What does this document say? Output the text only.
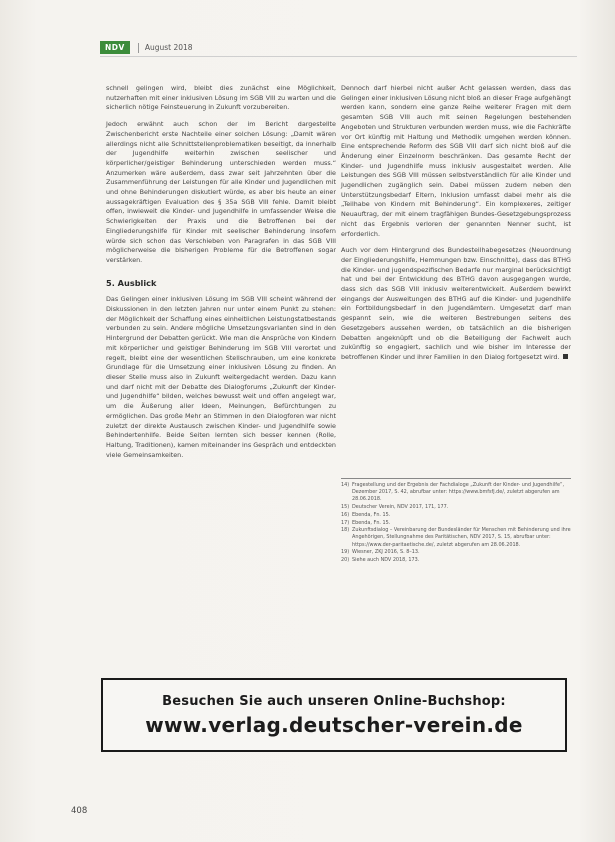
NDV	August 2018

schnell gelingen wird, bleibt dies zunächst eine Möglichkeit, nutzerhaften mit einer inklusiven Lösung im SGB VIII zu warten und die sicherlich nötige Feinsteuerung in Zukunft vorzubereiten.

Jedoch erwähnt auch schon der im Bericht dargestellte Zwischenbericht erste Nachteile einer solchen Lösung: „Damit wären allerdings nicht alle Schnittstellenproblematiken beseitigt, da innerhalb der Jugendhilfe weiterhin zwischen seelischer und körperlicher/geistiger Behinderung unterschieden werden muss.“ Anzumerken wäre außerdem, dass zwar seit Jahrzehnten über die Zusammenführung der Leistungen für alle Kinder und Jugendlichen mit und ohne Behinderungen diskutiert würde, es aber bis heute an einer aussagekräftigen Evaluation des § 35a SGB VIII fehle. Damit bleibt offen, inwieweit die Kinder- und Jugendhilfe in umfassender Weise die Schwierigkeiten der Praxis und die Betroffenen bei der Eingliederungshilfe für Kinder mit seelischer Behinderung insofern würde sich schon das Verschieben von Paragrafen in das SGB VIII möglicherweise die bisherigen Probleme für die Betroffenen sogar verstärken.

5. Ausblick

Das Gelingen einer inklusiven Lösung im SGB VIII scheint während der Diskussionen in den letzten Jahren nur unter einem Punkt zu stehen: der Möglichkeit der Schaffung eines einheitlichen Leistungstatbestands verbunden zu sein. Andere mögliche Umsetzungsvarianten sind in den Hintergrund der Debatten gerückt. Wie man die Ansprüche von Kindern mit körperlicher und geistiger Behinderung im SGB VIII verortet und regelt, bleibt eine der wesentlichen Stellschrauben, um eine konkrete Grundlage für die Umsetzung einer inklusiven Lösung zu finden. An dieser Stelle muss also in Zukunft weitergedacht werden. Dazu kann und darf nicht mit der Debatte des Dialogforums „Zukunft der Kinder- und Jugendhilfe“ bilden, welches bewusst weit und offen angelegt war, um die Äußerung aller Ideen, Meinungen, Befürchtungen zu ermöglichen. Das große Mehr an Stimmen in den Dialogforen war nicht zuletzt der direkte Austausch zwischen Kinder- und Jugendhilfe sowie Behindertenhilfe. Beide Seiten lernten sich besser kennen (Rolle, Haltung, Traditionen), kamen miteinander ins Gespräch und entdeckten viele Gemeinsamkeiten.

Dennoch darf hierbei nicht außer Acht gelassen werden, dass das Gelingen einer inklusiven Lösung nicht bloß an dieser Frage aufgehängt werden kann, sondern eine ganze Reihe weiterer Fragen mit dem gesamten SGB VIII auch mit seinen Regelungen bestehenden Angeboten und Strukturen verbunden werden muss, wie die Fachkräfte vor Ort künftig mit Haltung und Methodik umgehen werden können. Eine entsprechende Reform des SGB VIII darf sich nicht bloß auf die Änderung einer Einzelnorm beschränken. Das gesamte Recht der Kinder- und Jugendhilfe muss inklusiv ausgestaltet werden. Alle Leistungen des SGB VIII müssen selbstverständlich für alle Kinder und Jugendlichen zugänglich sein. Dabei müssen zudem neben den Unterstützungsbedarf Eltern, Inklusion umfasst dabei mehr als die „Teilhabe von Kindern mit Behinderung“. Ein komplexeres, zeitiger Neuauftrag, der mit einem tragfähigen Bundes-Gesetzgebungsprozess nicht das Ergebnis verloren der genannten Nenner sucht, ist erforderlich.

Auch vor dem Hintergrund des Bundesteilhabegesetzes (Neuordnung der Eingliederungshilfe, Hemmungen bzw. Einschnitte), dass das BTHG die Kinder- und jugendspezifischen Bedarfe nur marginal berücksichtigt hat und bei der Entwicklung des BTHG davon ausgegangen wurde, dass sich das SGB VIII inklusiv weiterentwickelt. Außerdem bewirkt eingangs der Ausweitungen des BTHG auf die Kinder- und Jugendhilfe ein Fortbildungsbedarf in den Jugendämtern. Umgesetzt darf man gespannt sein, wie die weiteren Bestrebungen seitens des Gesetzgebers aussehen werden, ob tatsächlich an die bisherigen Debatten angeknüpft und ob die Beteiligung der Fachwelt auch zukünftig so engagiert, sachlich und wie bisher im Interesse der betroffenen Kinder und ihrer Familien in den Dialog fortgesetzt wird.

14) Fragestellung und der Ergebnis der Fachdialoge „Zukunft der Kinder- und Jugendhilfe“, Dezember 2017, S. 42, abrufbar unter: https://www.bmfsfj.de/, zuletzt abgerufen am 28.06.2018.
15) Deutscher Verein, NDV 2017, 171, 177.
16) Ebenda, Fn. 15.
17) Ebenda, Fn. 15.
18) Zukunftsdialog – Vereinbarung der Bundesländer für Menschen mit Behinderung und ihre Angehörigen, Stellungnahme des Paritätischen, NDV 2017, S. 15, abrufbar unter: https://www.der-paritaetische.de/, zuletzt abgerufen am 28.06.2018.
19) Wiesner, ZKJ 2016, S. 8–13.
20) Siehe auch NDV 2018, 173.
Besuchen Sie auch unseren Online-Buchshop:
www.verlag.deutscher-verein.de
408
